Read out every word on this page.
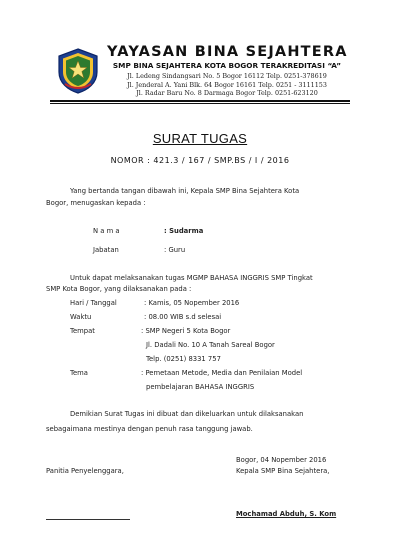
YAYASAN BINA SEJAHTERA
SMP BINA SEJAHTERA KOTA BOGOR TERAKREDITASI “A”
Jl. Ledeng Sindangsari No. 5 Bogor 16112 Telp. 0251-378619
Jl. Jenderal A. Yani Blk. 64 Bogor 16161 Telp. 0251 - 3111153
Jl. Radar Baru No. 8 Darmaga Bogor Telp. 0251-623120
SURAT TUGAS
NOMOR : 421.3 / 167 / SMP.BS / I / 2016
Yang bertanda tangan dibawah ini, Kepala SMP Bina Sejahtera Kota
Bogor, menugaskan kepada :
N a m a	: Sudarma
Jabatan	: Guru
Untuk dapat melaksanakan tugas MGMP BAHASA INGGRIS SMP Tingkat
SMP Kota Bogor, yang dilaksanakan pada :
Hari / Tanggal	: Kamis, 05 Nopember 2016
Waktu	: 08.00 WIB s.d selesai
Tempat	: SMP Negeri 5 Kota Bogor
Jl. Dadali No. 10 A Tanah Sareal Bogor
Telp. (0251) 8331 757
Tema	: Pemetaan Metode, Media dan Penilaian Model
pembelajaran BAHASA INGGRIS
Demikian Surat Tugas ini dibuat dan dikeluarkan untuk dilaksanakan
sebagaimana mestinya dengan penuh rasa tanggung jawab.
Bogor, 04 Nopember 2016
Panitia Penyelenggara,	Kepala SMP Bina Sejahtera,
Mochamad Abduh, S. Kom
